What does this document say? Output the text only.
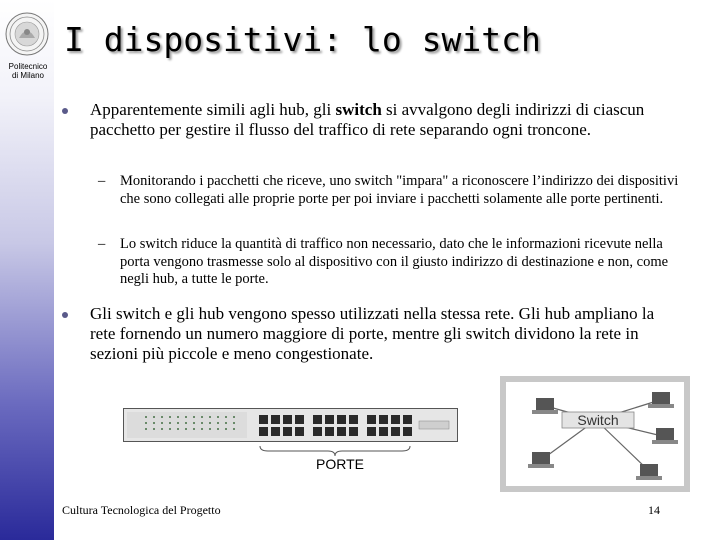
Politecnico
di Milano
I dispositivi: lo switch
Apparentemente simili agli hub, gli switch si avvalgono degli indirizzi di ciascun pacchetto per gestire il flusso del traffico di rete separando ogni troncone.
–	Monitorando i pacchetti che riceve, uno switch "impara" a riconoscere l’indirizzo dei dispositivi che sono collegati alle proprie porte per poi inviare i pacchetti solamente alle porte pertinenti.
–	Lo switch riduce la quantità di traffico non necessario, dato che le informazioni ricevute nella porta vengono trasmesse solo al dispositivo con il giusto indirizzo di destinazione e non, come negli hub, a tutte le porte.
Gli switch e gli hub vengono spesso utilizzati nella stessa rete. Gli hub ampliano la rete fornendo un numero maggiore di porte, mentre gli switch dividono la rete in sezioni più piccole e meno congestionate.
PORTE
Switch
Cultura Tecnologica del Progetto	14
